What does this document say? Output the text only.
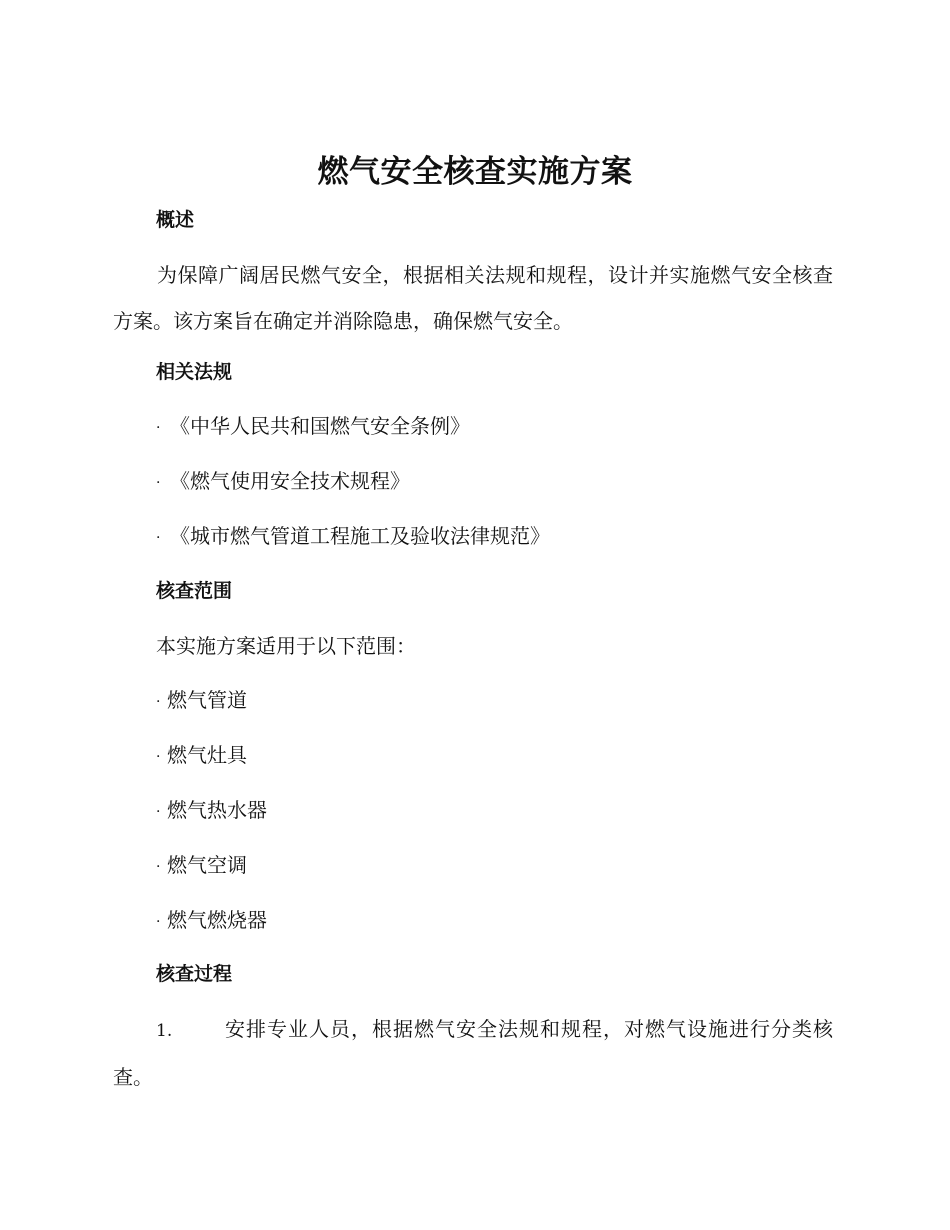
燃气安全核查实施方案
概述
为保障广阔居民燃气安全，根据相关法规和规程，设计并实施燃气安全核查方案。该方案旨在确定并消除隐患，确保燃气安全。
相关法规
· 《中华人民共和国燃气安全条例》
· 《燃气使用安全技术规程》
· 《城市燃气管道工程施工及验收法律规范》
核查范围
本实施方案适用于以下范围：
· 燃气管道
· 燃气灶具
· 燃气热水器
· 燃气空调
· 燃气燃烧器
核查过程
1.	安排专业人员，根据燃气安全法规和规程，对燃气设施进行分类核查。
